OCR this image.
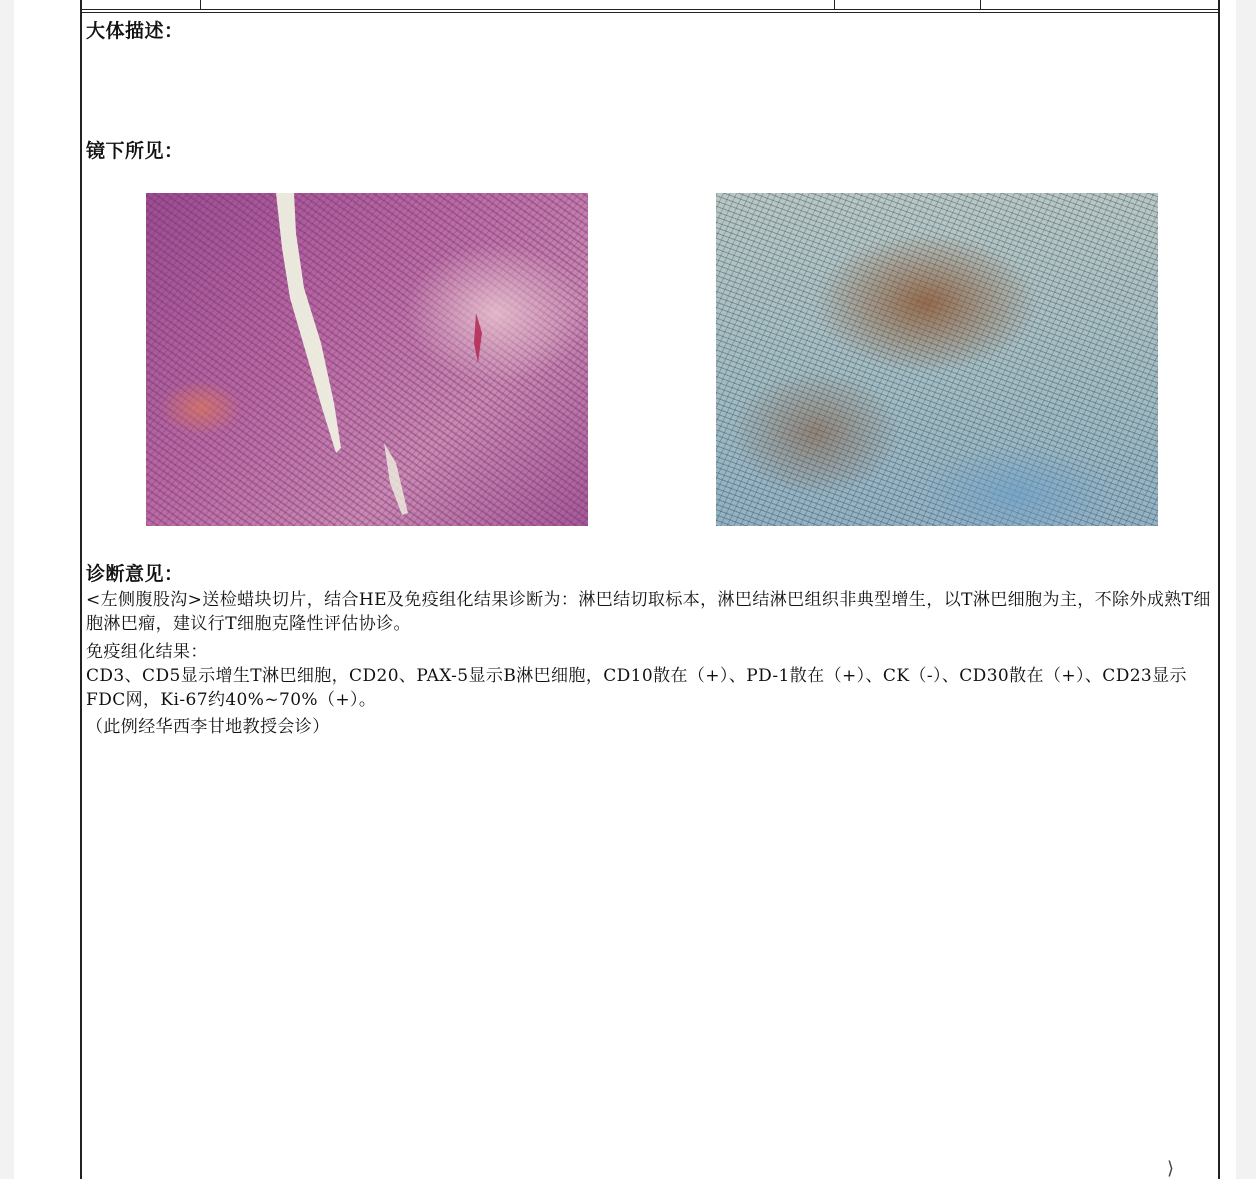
大体描述：
镜下所见：
诊断意见：
<左侧腹股沟>送检蜡块切片，结合HE及免疫组化结果诊断为：淋巴结切取标本，淋巴结淋巴组织非典型增生，以T淋巴细胞为主，不除外成熟T细胞淋巴瘤，建议行T细胞克隆性评估协诊。
免疫组化结果：
CD3、CD5显示增生T淋巴细胞，CD20、PAX-5显示B淋巴细胞，CD10散在（+）、PD-1散在（+）、CK（-）、CD30散在（+）、CD23显示FDC网，Ki-67约40%~70%（+）。
（此例经华西李甘地教授会诊）
⟩
